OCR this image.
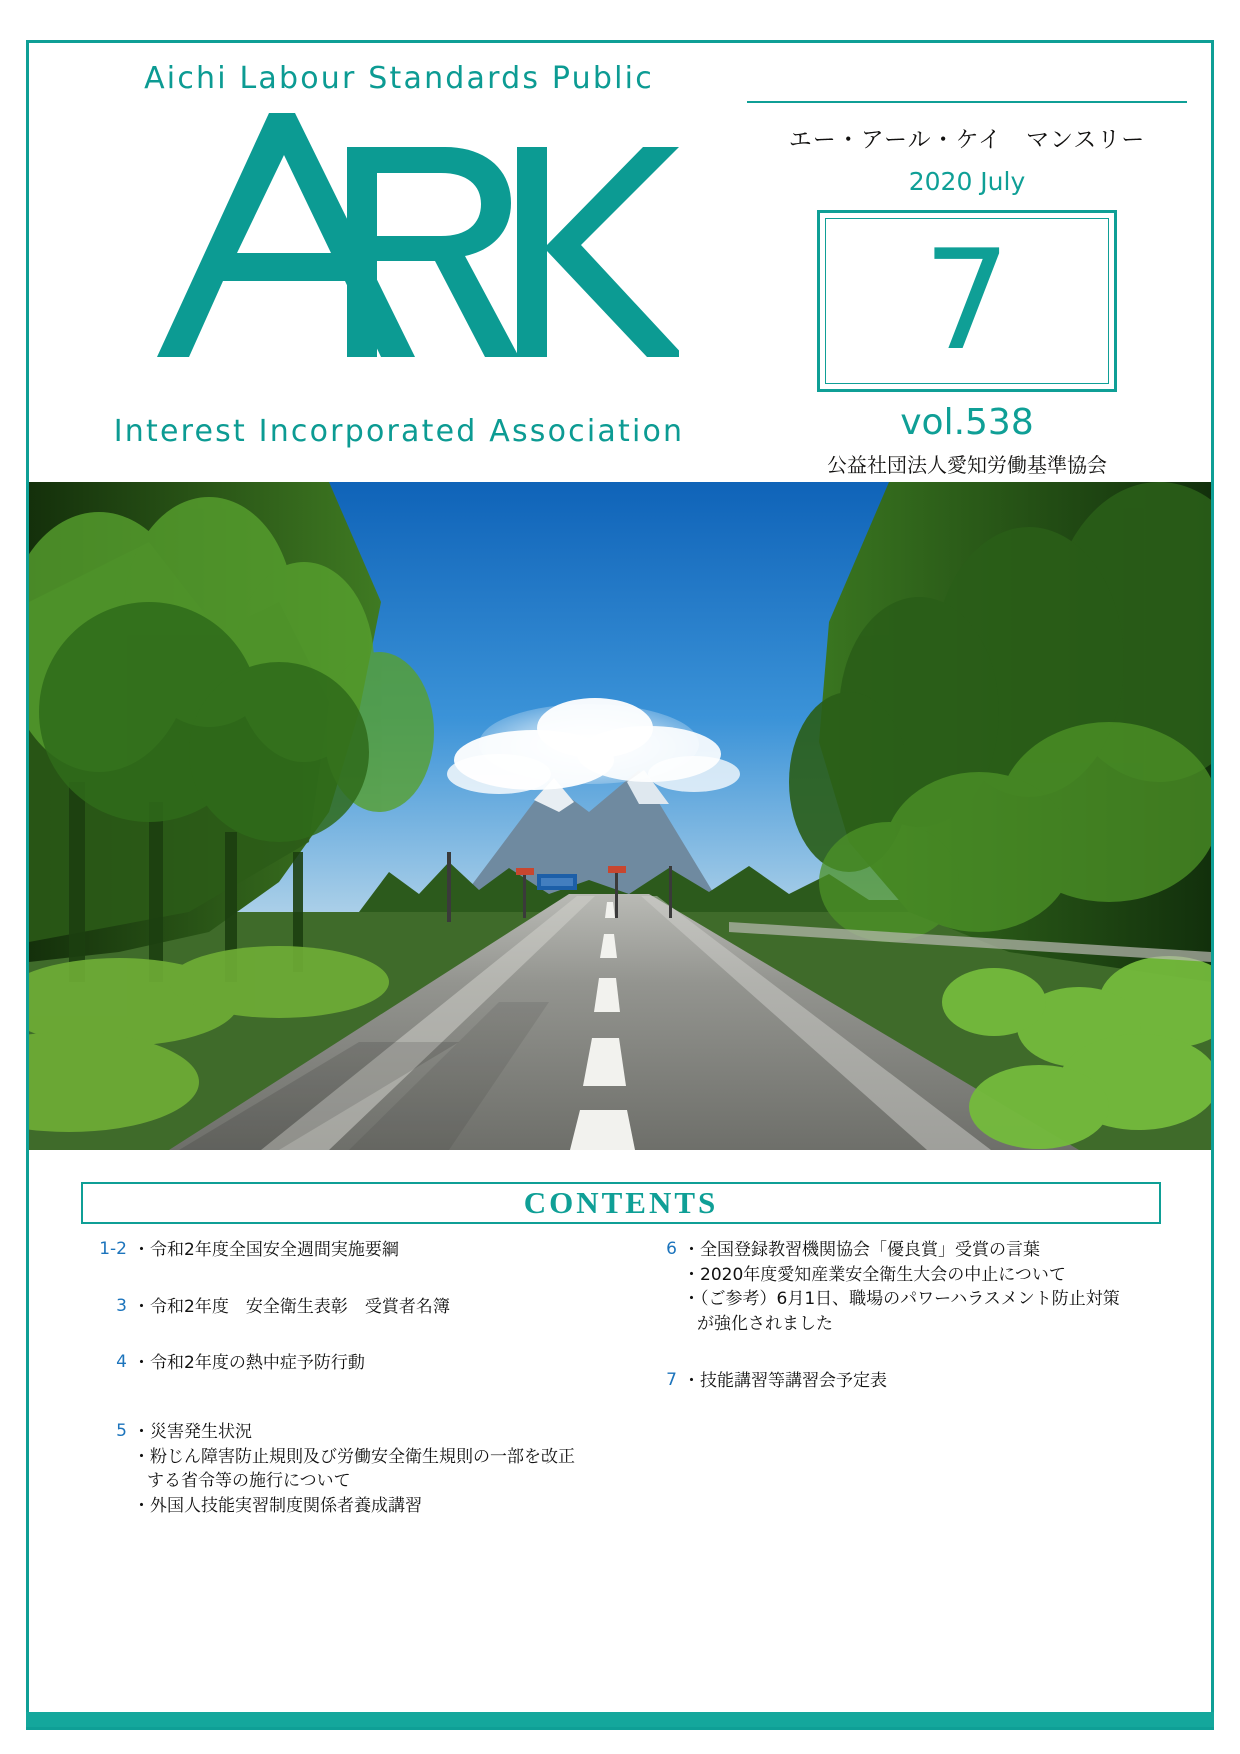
Aichi Labour Standards Public
Interest Incorporated Association
エー・アール・ケイ　マンスリー
2020 July
7
vol.538
公益社団法人愛知労働基準協会
CONTENTS
1-2 ・令和2年度全国安全週間実施要綱
3 ・令和2年度　安全衛生表彰　受賞者名簿
4 ・令和2年度の熱中症予防行動
5 ・災害発生状況
・粉じん障害防止規則及び労働安全衛生規則の一部を改正
する省令等の施行について
・外国人技能実習制度関係者養成講習
6 ・全国登録教習機関協会「優良賞」受賞の言葉
・2020年度愛知産業安全衛生大会の中止について
・（ご参考）6月1日、職場のパワーハラスメント防止対策
が強化されました
7 ・技能講習等講習会予定表
